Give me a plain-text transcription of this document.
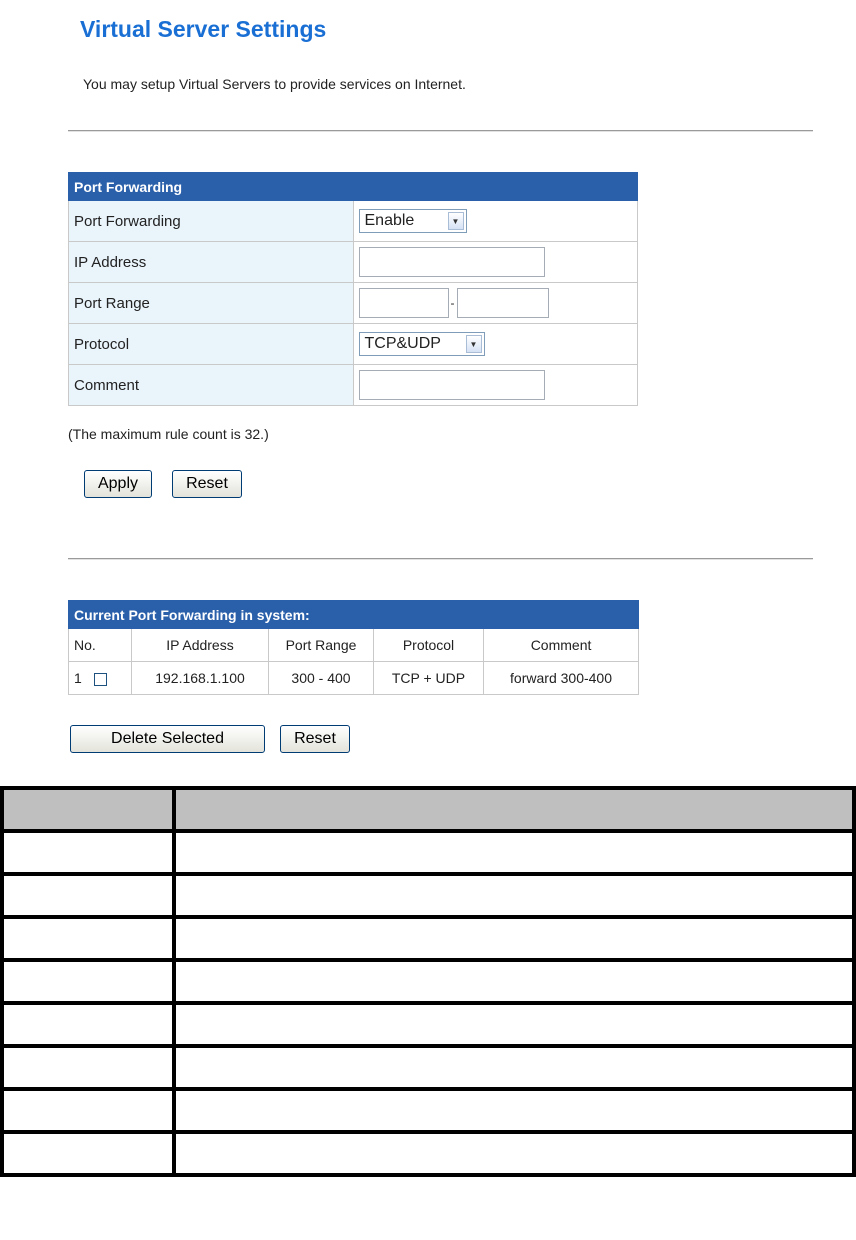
Virtual Server Settings
You may setup Virtual Servers to provide services on Internet.
Port Forwarding	
Port Forwarding	Enable ▼

IP Address	
Port Range	-
Protocol	TCP&UDP ▼

Comment	
(The maximum rule count is 32.)
Apply	Reset
Current Port Forwarding in system:				
No.	IP Address	Port Range	Protocol	Comment
1	192.168.1.100	300 - 400	TCP + UDP	forward 300-400
Delete Selected	Reset
